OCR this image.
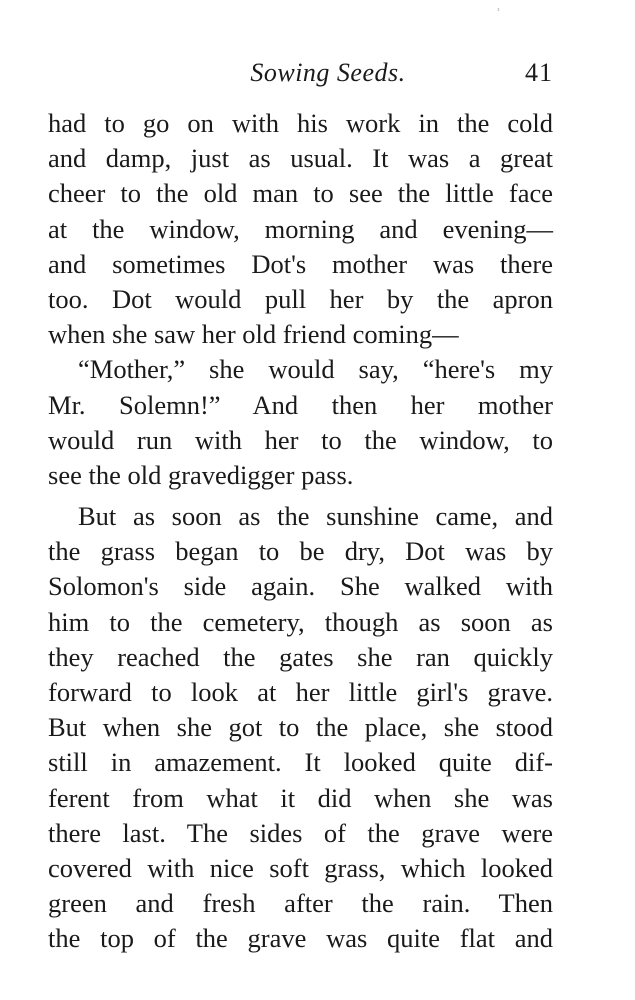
ʾ
Sowing Seeds.	41
had to go on with his work in the cold
and damp, just as usual. It was a great
cheer to the old man to see the little face
at the window, morning and evening—
and sometimes Dot's mother was there
too. Dot would pull her by the apron
when she saw her old friend coming—
“Mother,” she would say, “here's my
Mr. Solemn!” And then her mother
would run with her to the window, to
see the old gravedigger pass.
But as soon as the sunshine came, and
the grass began to be dry, Dot was by
Solomon's side again. She walked with
him to the cemetery, though as soon as
they reached the gates she ran quickly
forward to look at her little girl's grave.
But when she got to the place, she stood
still in amazement. It looked quite dif-
ferent from what it did when she was
there last. The sides of the grave were
covered with nice soft grass, which looked
green and fresh after the rain. Then
the top of the grave was quite flat and
